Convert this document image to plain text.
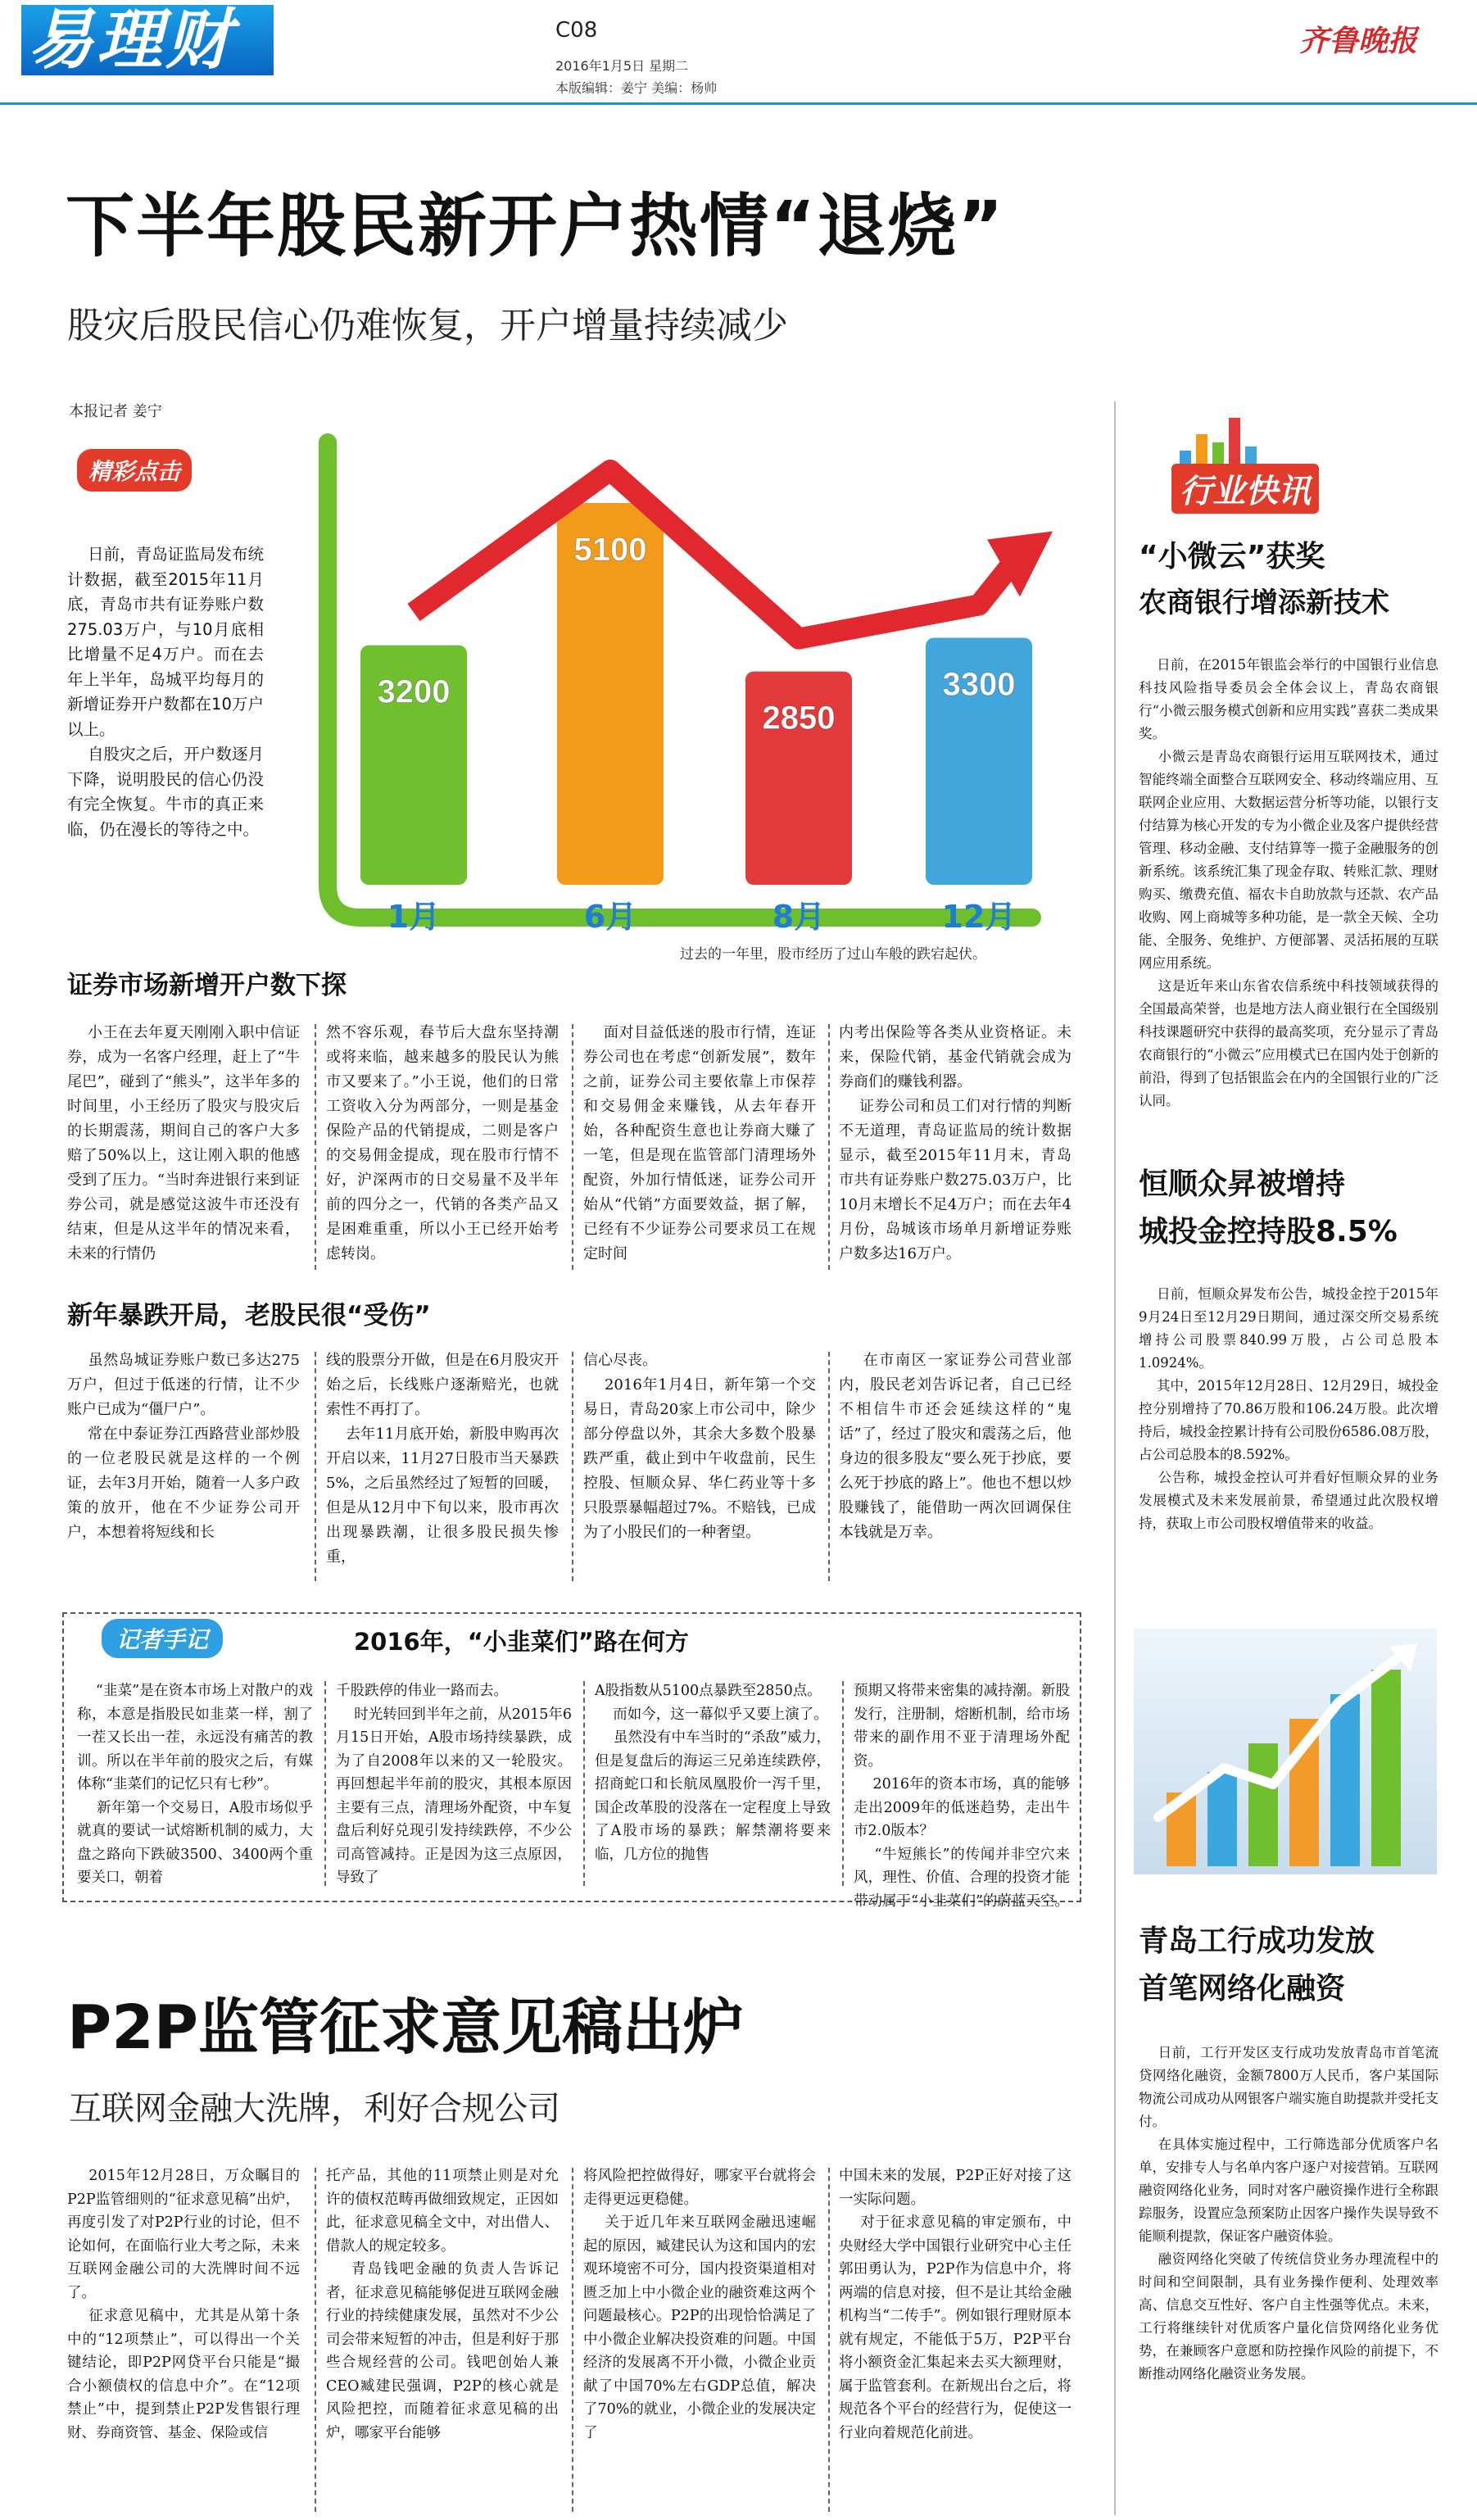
易理财	C08
2016年1月5日 星期二
本版编辑：姜宁 美编：杨帅
齐鲁晚报
下半年股民新开户热情“退烧”
股灾后股民信心仍难恢复，开户增量持续减少
本报记者 姜宁
精彩点击
日前，青岛证监局发布统计数据，截至2015年11月底，青岛市共有证券账户数275.03万户，与10月底相比增量不足4万户。而在去年上半年，岛城平均每月的新增证券开户数都在10万户以上。
自股灾之后，开户数逐月下降，说明股民的信心仍没有完全恢复。牛市的真正来临，仍在漫长的等待之中。
3200
5100
2850
3300
1月	6月	8月	12月
过去的一年里，股市经历了过山车般的跌宕起伏。
证券市场新增开户数下探
小王在去年夏天刚刚入职中信证券，成为一名客户经理，赶上了“牛尾巴”，碰到了“熊头”，这半年多的时间里，小王经历了股灾与股灾后的长期震荡，期间自己的客户大多赔了50%以上，这让刚入职的他感受到了压力。“当时奔进银行来到证券公司，就是感觉这波牛市还没有结束，但是从这半年的情况来看，未来的行情仍
然不容乐观，春节后大盘东坚持潮或将来临，越来越多的股民认为熊市又要来了。”小王说，他们的日常工资收入分为两部分，一则是基金保险产品的代销提成，二则是客户的交易佣金提成，现在股市行情不好，沪深两市的日交易量不及半年前的四分之一，代销的各类产品又是困难重重，所以小王已经开始考虑转岗。
面对目益低迷的股市行情，连证券公司也在考虑“创新发展”，数年之前，证券公司主要依靠上市保荐和交易佣金来赚钱，从去年春开始，各种配资生意也让券商大赚了一笔，但是现在监管部门清理场外配资，外加行情低迷，证券公司开始从“代销”方面要效益，据了解，已经有不少证券公司要求员工在规定时间
内考出保险等各类从业资格证。未来，保险代销，基金代销就会成为券商们的赚钱利器。
证券公司和员工们对行情的判断不无道理，青岛证监局的统计数据显示，截至2015年11月末，青岛市共有证券账户数275.03万户，比10月末增长不足4万户；而在去年4月份，岛城该市场单月新增证券账户数多达16万户。
新年暴跌开局，老股民很“受伤”
虽然岛城证券账户数已多达275万户，但过于低迷的行情，让不少账户已成为“僵尸户”。
常在中泰证券江西路营业部炒股的一位老股民就是这样的一个例证，去年3月开始，随着一人多户政策的放开，他在不少证券公司开户，本想着将短线和长
线的股票分开做，但是在6月股灾开始之后，长线账户逐渐赔光，也就索性不再打了。
去年11月底开始，新股申购再次开启以来，11月27日股市当天暴跌5%，之后虽然经过了短暂的回暖，但是从12月中下旬以来，股市再次出现暴跌潮，让很多股民损失惨重，
信心尽丧。
2016年1月4日，新年第一个交易日，青岛20家上市公司中，除少部分停盘以外，其余大多数个股暴跌严重，截止到中午收盘前，民生控股、恒顺众昇、华仁药业等十多只股票暴幅超过7%。不赔钱，已成为了小股民们的一种奢望。
在市南区一家证券公司营业部内，股民老刘告诉记者，自己已经不相信牛市还会延续这样的“鬼话”了，经过了股灾和震荡之后，他身边的很多股友“要么死于抄底，要么死于抄底的路上”。他也不想以炒股赚钱了，能借助一两次回调保住本钱就是万幸。
记者手记	2016年，“小韭菜们”路在何方
“韭菜”是在资本市场上对散户的戏称，本意是指股民如韭菜一样，割了一茬又长出一茬，永远没有痛苦的教训。所以在半年前的股灾之后，有媒体称“韭菜们的记忆只有七秒”。
新年第一个交易日，A股市场似乎就真的要试一试熔断机制的威力，大盘之路向下跌破3500、3400两个重要关口，朝着
千股跌停的伟业一路而去。
时光转回到半年之前，从2015年6月15日开始，A股市场持续暴跌，成为了自2008年以来的又一轮股灾。再回想起半年前的股灾，其根本原因主要有三点，清理场外配资，中车复盘后利好兑现引发持续跌停，不少公司高管减持。正是因为这三点原因，导致了
A股指数从5100点暴跌至2850点。
而如今，这一幕似乎又要上演了。
虽然没有中车当时的“杀敌”威力，但是复盘后的海运三兄弟连续跌停，招商蛇口和长航凤凰股价一泻千里，国企改革股的没落在一定程度上导致了A股市场的暴跌；解禁潮将要来临，几方位的抛售
预期又将带来密集的减持潮。新股发行，注册制，熔断机制，给市场带来的副作用不亚于清理场外配资。
2016年的资本市场，真的能够走出2009年的低迷趋势，走出牛市2.0版本？
“牛短熊长”的传闻并非空穴来风，理性、价值、合理的投资才能带动属于“小韭菜们”的蔚蓝天空。
行业快讯
“小微云”获奖
农商银行增添新技术
日前，在2015年银监会举行的中国银行业信息科技风险指导委员会全体会议上，青岛农商银行“小微云服务模式创新和应用实践”喜获二类成果奖。
小微云是青岛农商银行运用互联网技术，通过智能终端全面整合互联网安全、移动终端应用、互联网企业应用、大数据运营分析等功能，以银行支付结算为核心开发的专为小微企业及客户提供经营管理、移动金融、支付结算等一揽子金融服务的创新系统。该系统汇集了现金存取、转账汇款、理财购买、缴费充值、福农卡自助放款与还款、农产品收购、网上商城等多种功能，是一款全天候、全功能、全服务、免维护、方便部署、灵活拓展的互联网应用系统。
这是近年来山东省农信系统中科技领域获得的全国最高荣誉，也是地方法人商业银行在全国级别科技课题研究中获得的最高奖项，充分显示了青岛农商银行的“小微云”应用模式已在国内处于创新的前沿，得到了包括银监会在内的全国银行业的广泛认同。
恒顺众昇被增持
城投金控持股8.5%
日前，恒顺众昇发布公告，城投金控于2015年9月24日至12月29日期间，通过深交所交易系统增持公司股票840.99万股，占公司总股本1.0924%。
其中，2015年12月28日、12月29日，城投金控分别增持了70.86万股和106.24万股。此次增持后，城投金控累计持有公司股份6586.08万股，占公司总股本的8.592%。
公告称，城投金控认可并看好恒顺众昇的业务发展模式及未来发展前景，希望通过此次股权增持，获取上市公司股权增值带来的收益。
青岛工行成功发放
首笔网络化融资
日前，工行开发区支行成功发放青岛市首笔流贷网络化融资，金额7800万人民币，客户某国际物流公司成功从网银客户端实施自助提款并受托支付。
在具体实施过程中，工行筛选部分优质客户名单，安排专人与名单内客户逐户对接营销。互联网融资网络化业务，同时对客户融资操作进行全称跟踪服务，设置应急预案防止因客户操作失误导致不能顺利提款，保证客户融资体验。
融资网络化突破了传统信贷业务办理流程中的时间和空间限制，具有业务操作便利、处理效率高、信息交互性好、客户自主性强等优点。未来，工行将继续针对优质客户量化信贷网络化业务优势，在兼顾客户意愿和防控操作风险的前提下，不断推动网络化融资业务发展。
P2P监管征求意见稿出炉
互联网金融大洗牌，利好合规公司
2015年12月28日，万众瞩目的P2P监管细则的“征求意见稿”出炉，再度引发了对P2P行业的讨论，但不论如何，在面临行业大考之际，未来互联网金融公司的大洗牌时间不远了。
征求意见稿中，尤其是从第十条中的“12项禁止”，可以得出一个关键结论，即P2P网贷平台只能是“撮合小额债权的信息中介”。在“12项禁止”中，提到禁止P2P发售银行理财、券商资管、基金、保险或信
托产品，其他的11项禁止则是对允许的债权范畴再做细致规定，正因如此，征求意见稿全文中，对出借人、借款人的规定较多。
青岛钱吧金融的负责人告诉记者，征求意见稿能够促进互联网金融行业的持续健康发展，虽然对不少公司会带来短暂的冲击，但是利好于那些合规经营的公司。钱吧创始人兼CEO臧建民强调，P2P的核心就是风险把控，而随着征求意见稿的出炉，哪家平台能够
将风险把控做得好，哪家平台就将会走得更远更稳健。
关于近几年来互联网金融迅速崛起的原因，臧建民认为这和国内的宏观环境密不可分，国内投资渠道相对匮乏加上中小微企业的融资难这两个问题最核心。P2P的出现恰恰满足了中小微企业解决投资难的问题。中国经济的发展离不开小微，小微企业贡献了中国70%左右GDP总值，解决了70%的就业，小微企业的发展决定了
中国未来的发展，P2P正好对接了这一实际问题。
对于征求意见稿的审定颁布，中央财经大学中国银行业研究中心主任郭田勇认为，P2P作为信息中介，将两端的信息对接，但不是让其给金融机构当“二传手”。例如银行理财原本就有规定，不能低于5万，P2P平台将小额资金汇集起来去买大额理财，属于监管套利。在新规出台之后，将规范各个平台的经营行为，促使这一行业向着规范化前进。
